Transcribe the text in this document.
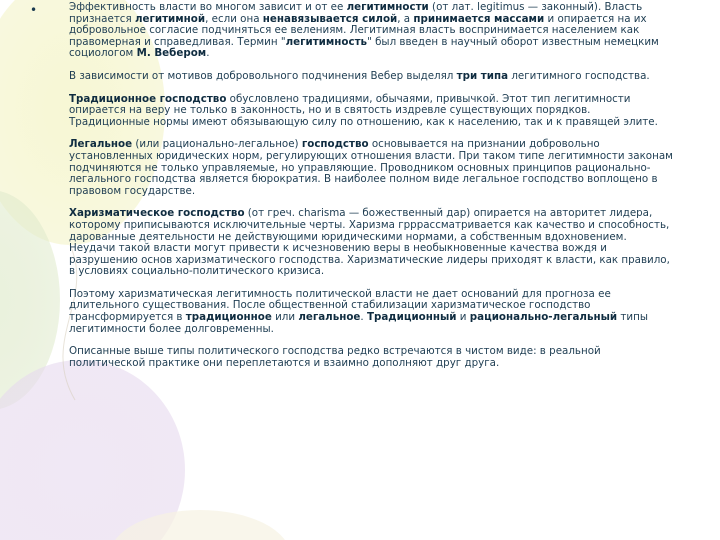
•	Эффективность власти во многом зависит и от ее легитимности (от лат. legitimus — законный). Власть признается легитимной, если она ненавязывается силой, а принимается массами и опирается на их добровольное согласие подчиняться ее велениям. Легитимная власть воспринимается населением как правомерная и справедливая. Термин "легитимность" был введен в научный оборот известным немецким социологом М. Вебером.

В зависимости от мотивов добровольного подчинения Вебер выделял три типа легитимного господства.

Традиционное господство обусловлено традициями, обычаями, привычкой. Этот тип легитимности опирается на веру не только в законность, но и в святость издревле существующих порядков. Традиционные нормы имеют обязывающую силу по отношению, как к населению, так и к правящей элите.

Легальное (или рационально-легальное) господство основывается на признании добровольно установленных юридических норм, регулирующих отношения власти. При таком типе легитимности законам подчиняются не только управляемые, но управляющие. Проводником основных принципов рационально-легального господства является бюрократия. В наиболее полном виде легальное господство воплощено в правовом государстве.

Харизматическое господство (от греч. charisma — божественный дар) опирается на авторитет лидера, которому приписываются исключительные черты. Харизма грррассматривается как качество и способность, дарованные деятельности не действующими юридическими нормами, а собственным вдохновением. Неудачи такой власти могут привести к исчезновению веры в необыкновенные качества вождя и разрушению основ харизматического господства. Харизматические лидеры приходят к власти, как правило, в условиях социально-политического кризиса.

Поэтому харизматическая легитимность политической власти не дает оснований для прогноза ее длительного существования. После общественной стабилизации харизматическое господство трансформируется в традиционное или легальное. Традиционный и рационально-легальный типы легитимности более долговременны.

Описанные выше типы политического господства редко встречаются в чистом виде: в реальной политической практике они переплетаются и взаимно дополняют друг друга.
